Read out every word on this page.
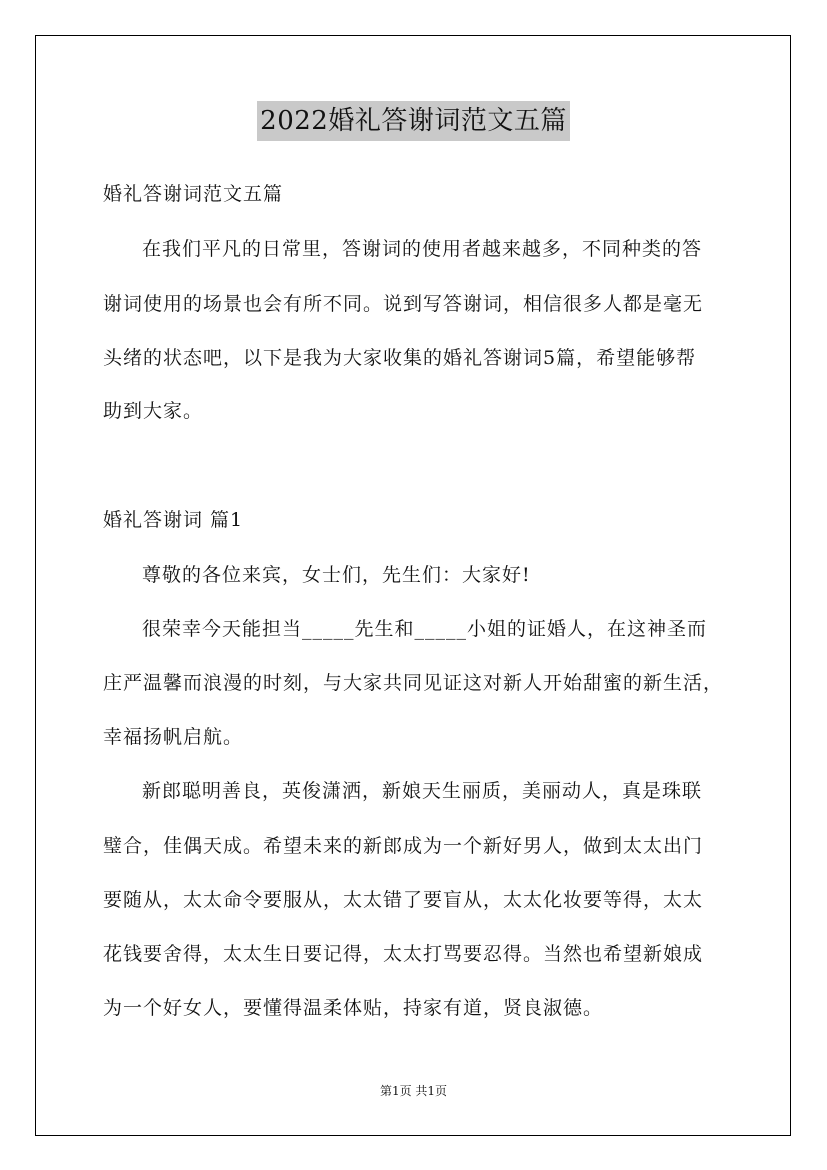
2022婚礼答谢词范文五篇
婚礼答谢词范文五篇
在我们平凡的日常里，答谢词的使用者越来越多，不同种类的答
谢词使用的场景也会有所不同。说到写答谢词，相信很多人都是毫无
头绪的状态吧，以下是我为大家收集的婚礼答谢词5篇，希望能够帮
助到大家。
婚礼答谢词 篇1
尊敬的各位来宾，女士们，先生们：大家好!
很荣幸今天能担当_____先生和_____小姐的证婚人，在这神圣而
庄严温馨而浪漫的时刻，与大家共同见证这对新人开始甜蜜的新生活，
幸福扬帆启航。
新郎聪明善良，英俊潇洒，新娘天生丽质，美丽动人，真是珠联
璧合，佳偶天成。希望未来的新郎成为一个新好男人，做到太太出门
要随从，太太命令要服从，太太错了要盲从，太太化妆要等得，太太
花钱要舍得，太太生日要记得，太太打骂要忍得。当然也希望新娘成
为一个好女人，要懂得温柔体贴，持家有道，贤良淑德。
第1页 共1页
